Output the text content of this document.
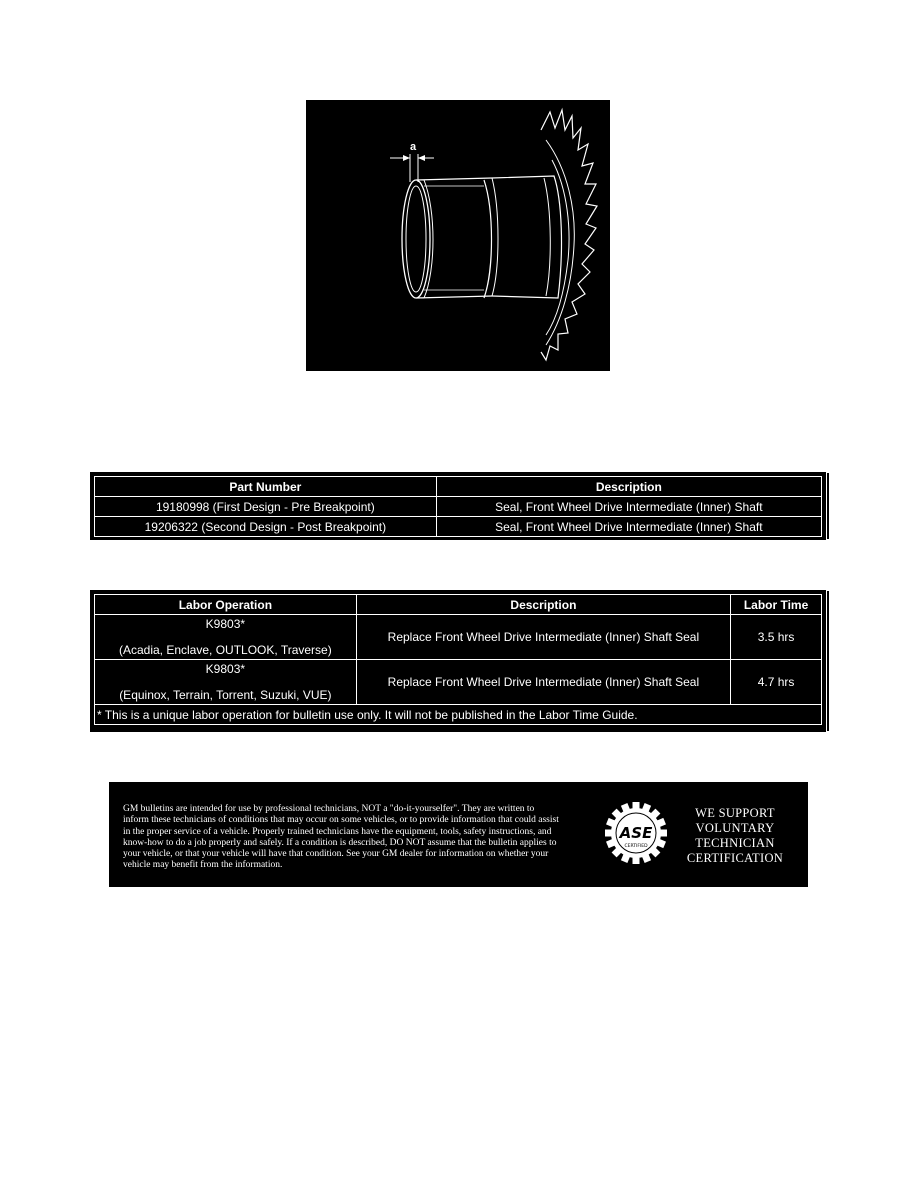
a
Part Number	Description
19180998 (First Design - Pre Breakpoint)	Seal, Front Wheel Drive Intermediate (Inner) Shaft
19206322 (Second Design - Post Breakpoint)	Seal, Front Wheel Drive Intermediate (Inner) Shaft
Labor Operation	Description	Labor Time

K9803*
(Acadia, Enclave, OUTLOOK, Traverse)	Replace Front Wheel Drive Intermediate (Inner) Shaft Seal	3.5 hrs

K9803*
(Equinox, Terrain, Torrent, Suzuki, VUE)	Replace Front Wheel Drive Intermediate (Inner) Shaft Seal	4.7 hrs
* This is a unique labor operation for bulletin use only. It will not be published in the Labor Time Guide.		
GM bulletins are intended for use by professional technicians, NOT a "do-it-yourselfer". They are written to
inform these technicians of conditions that may occur on some vehicles, or to provide information that could assist
in the proper service of a vehicle. Properly trained technicians have the equipment, tools, safety instructions, and
know-how to do a job properly and safely. If a condition is described, DO NOT assume that the bulletin applies to
your vehicle, or that your vehicle will have that condition. See your GM dealer for information on whether your
vehicle may benefit from the information.
ASE
CERTIFIED
WE SUPPORT
VOLUNTARY
TECHNICIAN
CERTIFICATION
